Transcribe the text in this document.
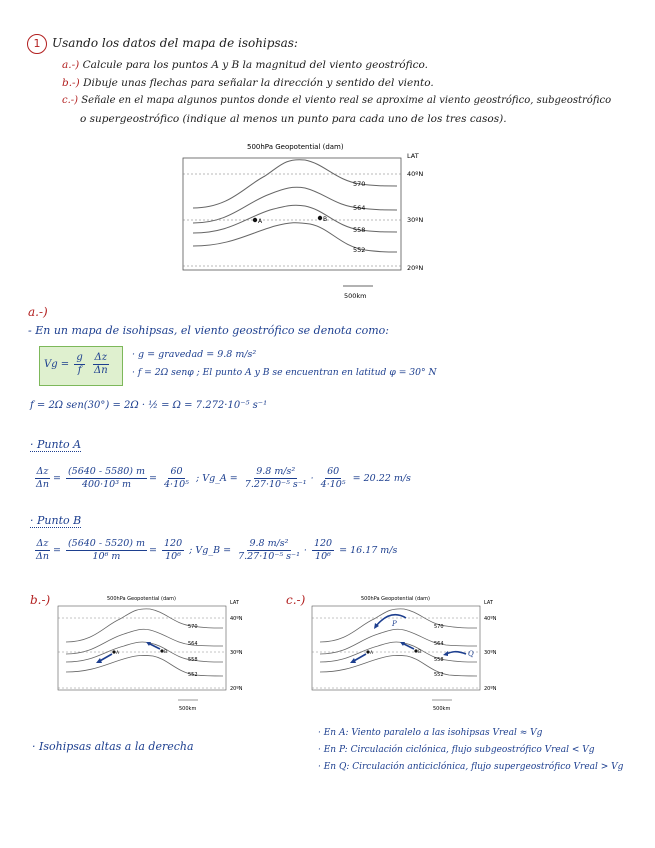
1 Usando los datos del mapa de isohipsas:
a.-) Calcule para los puntos A y B la magnitud del viento geostrófico.
b.-) Dibuje unas flechas para señalar la dirección y sentido del viento.
c.-) Señale en el mapa algunos puntos donde el viento real se aproxime al viento geostrófico, subgeostrófico
o supergeostrófico (indique al menos un punto para cada uno de los tres casos).
500hPa Geopotential (dam)
LAT
40ºN
30ºN
20ºN
570
564
558
552
A	B
500km
a.-)
- En un mapa de isohipsas, el viento geostrófico se denota como:
$Vg = \frac{g}{f}$
$\frac{\Delta z}{\Delta n} \cdot g$ = gravedad = 9.8 m/s²
· f = 2Ω senφ ; El punto A y B se encuentran en latitud φ = 30° N
f = 2Ω sen(30°) = 2Ω · ½ = Ω = 7.272·10⁻⁵ s⁻¹
· Punto A
$\frac{\Delta z}{\Delta n} = \frac{(5640 - 5580) m}{\text{400·10³ m}} = \frac{60}{\text{4·10⁵}}$ ; Vg_A = $\frac{\text{9.8 m/s²}}{\text{7.27·10⁻⁵ s⁻¹}} \cdot \frac{60}{\text{4·10⁵}} = 20.22$ m/s
· Punto B
$\frac{\Delta z}{\Delta n} = \frac{(5640 - 5520) m}{\text{10⁶ m}} = \frac{120}{\text{10⁶}}$ ; Vg_B = $\frac{\text{9.8 m/s²}}{\text{7.27·10⁻⁵ s⁻¹}} \cdot \frac{120}{\text{10⁶}} = 16.17$ m/s
b.-)	500hPa Geopotential (dam)
LAT
40ºN
30ºN
20ºN
570
564
558
552
A	B
500km
· Isohipsas altas a la derecha
c.-)	500hPa Geopotential (dam)
LAT
40ºN
30ºN
20ºN
570
564
558
552
A	B
P
Q
500km
· En A: Viento paralelo a las isohipsas Vreal ≈ Vg
· En P: Circulación ciclónica, flujo subgeostrófico Vreal < Vg
· En Q: Circulación anticiclónica, flujo supergeostrófico Vreal > Vg
